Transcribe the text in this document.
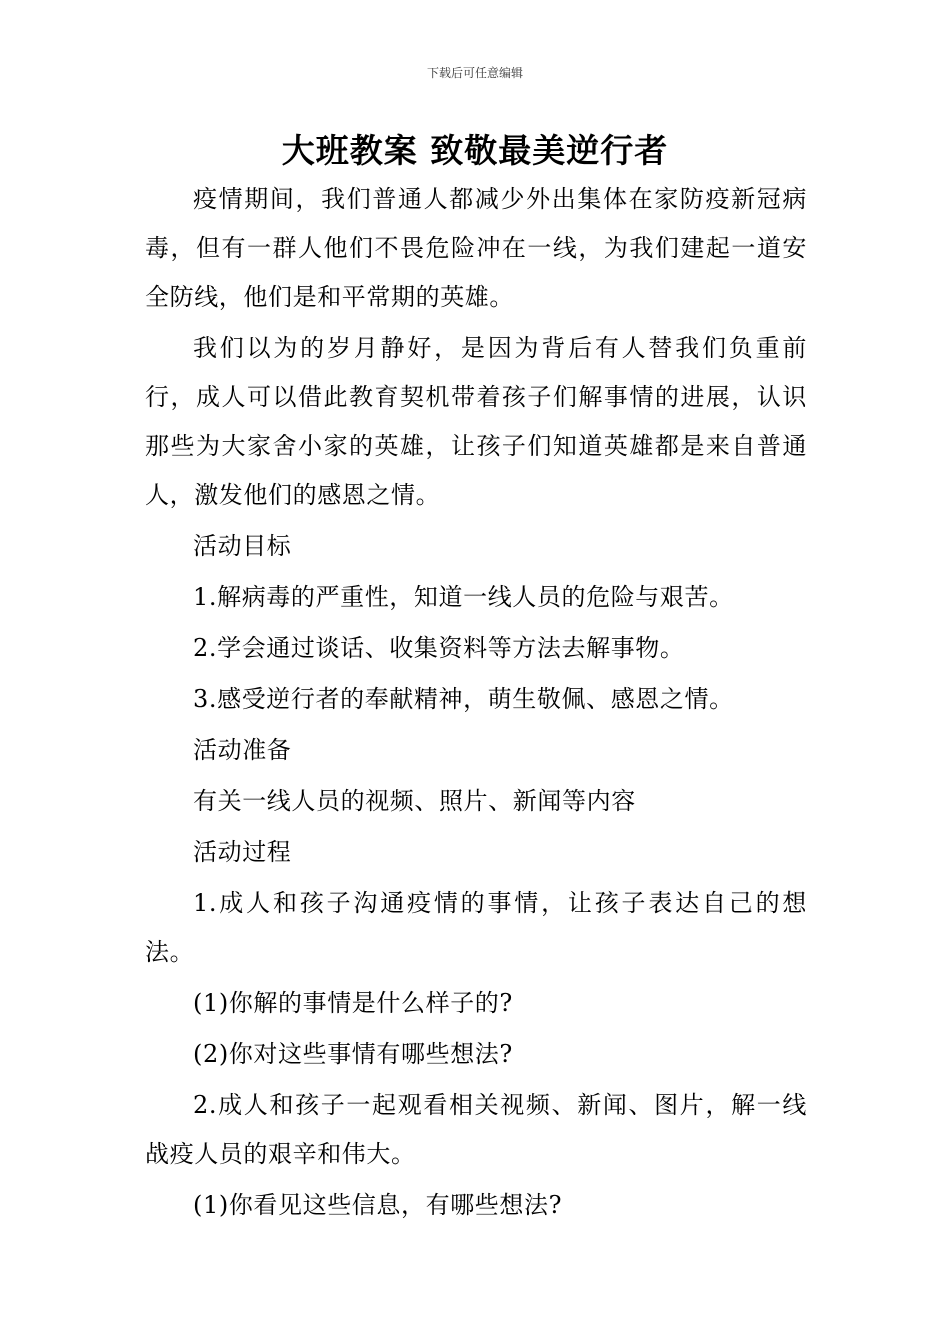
下载后可任意编辑
大班教案 致敬最美逆行者

疫情期间，我们普通人都减少外出集体在家防疫新冠病毒，但有一群人他们不畏危险冲在一线，为我们建起一道安全防线，他们是和平常期的英雄。

我们以为的岁月静好，是因为背后有人替我们负重前行，成人可以借此教育契机带着孩子们解事情的进展，认识那些为大家舍小家的英雄，让孩子们知道英雄都是来自普通人，激发他们的感恩之情。

活动目标

1.解病毒的严重性，知道一线人员的危险与艰苦。

2.学会通过谈话、收集资料等方法去解事物。

3.感受逆行者的奉献精神，萌生敬佩、感恩之情。

活动准备

有关一线人员的视频、照片、新闻等内容

活动过程

1.成人和孩子沟通疫情的事情，让孩子表达自己的想法。

(1)你解的事情是什么样子的?

(2)你对这些事情有哪些想法?

2.成人和孩子一起观看相关视频、新闻、图片，解一线战疫人员的艰辛和伟大。

(1)你看见这些信息，有哪些想法?
